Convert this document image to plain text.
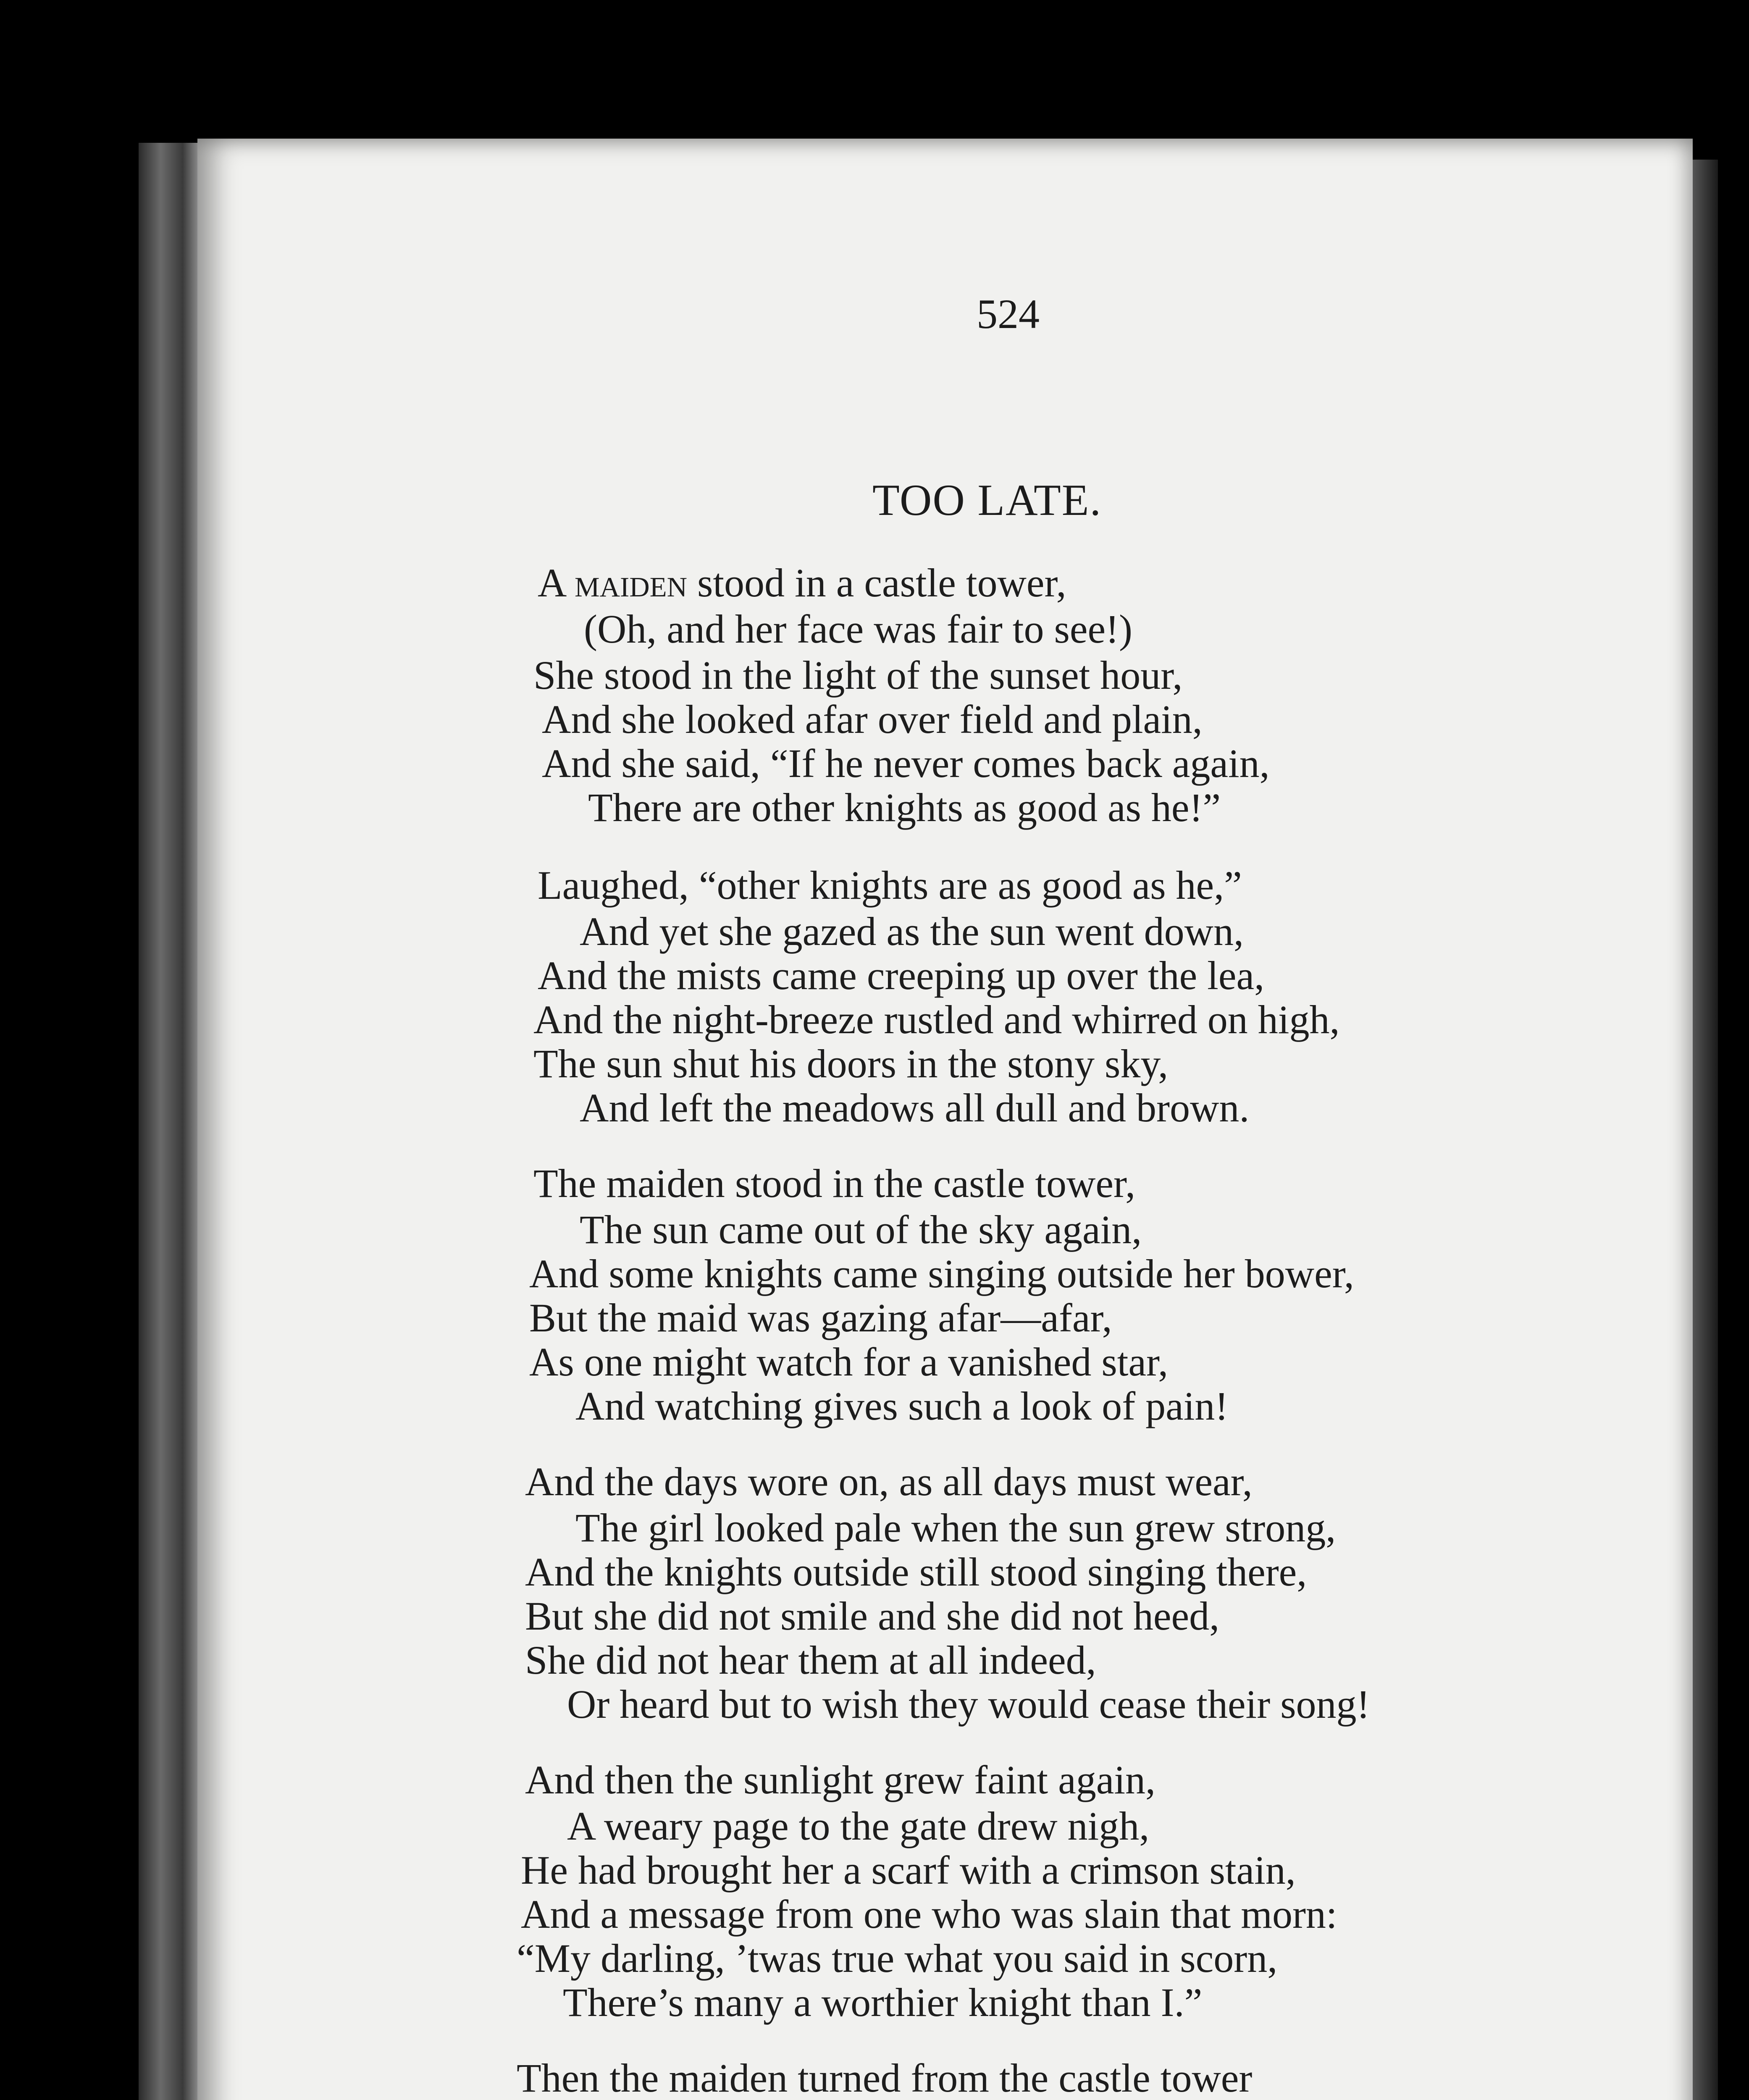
524
TOO LATE.
A maiden stood in a castle tower,
(Oh, and her face was fair to see!)
She stood in the light of the sunset hour,
And she looked afar over field and plain,
And she said, “If he never comes back again,
There are other knights as good as he!”
Laughed, “other knights are as good as he,”
And yet she gazed as the sun went down,
And the mists came creeping up over the lea,
And the night-breeze rustled and whirred on high,
The sun shut his doors in the stony sky,
And left the meadows all dull and brown.
The maiden stood in the castle tower,
The sun came out of the sky again,
And some knights came singing outside her bower,
But the maid was gazing afar—afar,
As one might watch for a vanished star,
And watching gives such a look of pain!
And the days wore on, as all days must wear,
The girl looked pale when the sun grew strong,
And the knights outside still stood singing there,
But she did not smile and she did not heed,
She did not hear them at all indeed,
Or heard but to wish they would cease their song!
And then the sunlight grew faint again,
A weary page to the gate drew nigh,
He had brought her a scarf with a crimson stain,
And a message from one who was slain that morn:
“My darling, ’twas true what you said in scorn,
There’s many a worthier knight than I.”
Then the maiden turned from the castle tower
